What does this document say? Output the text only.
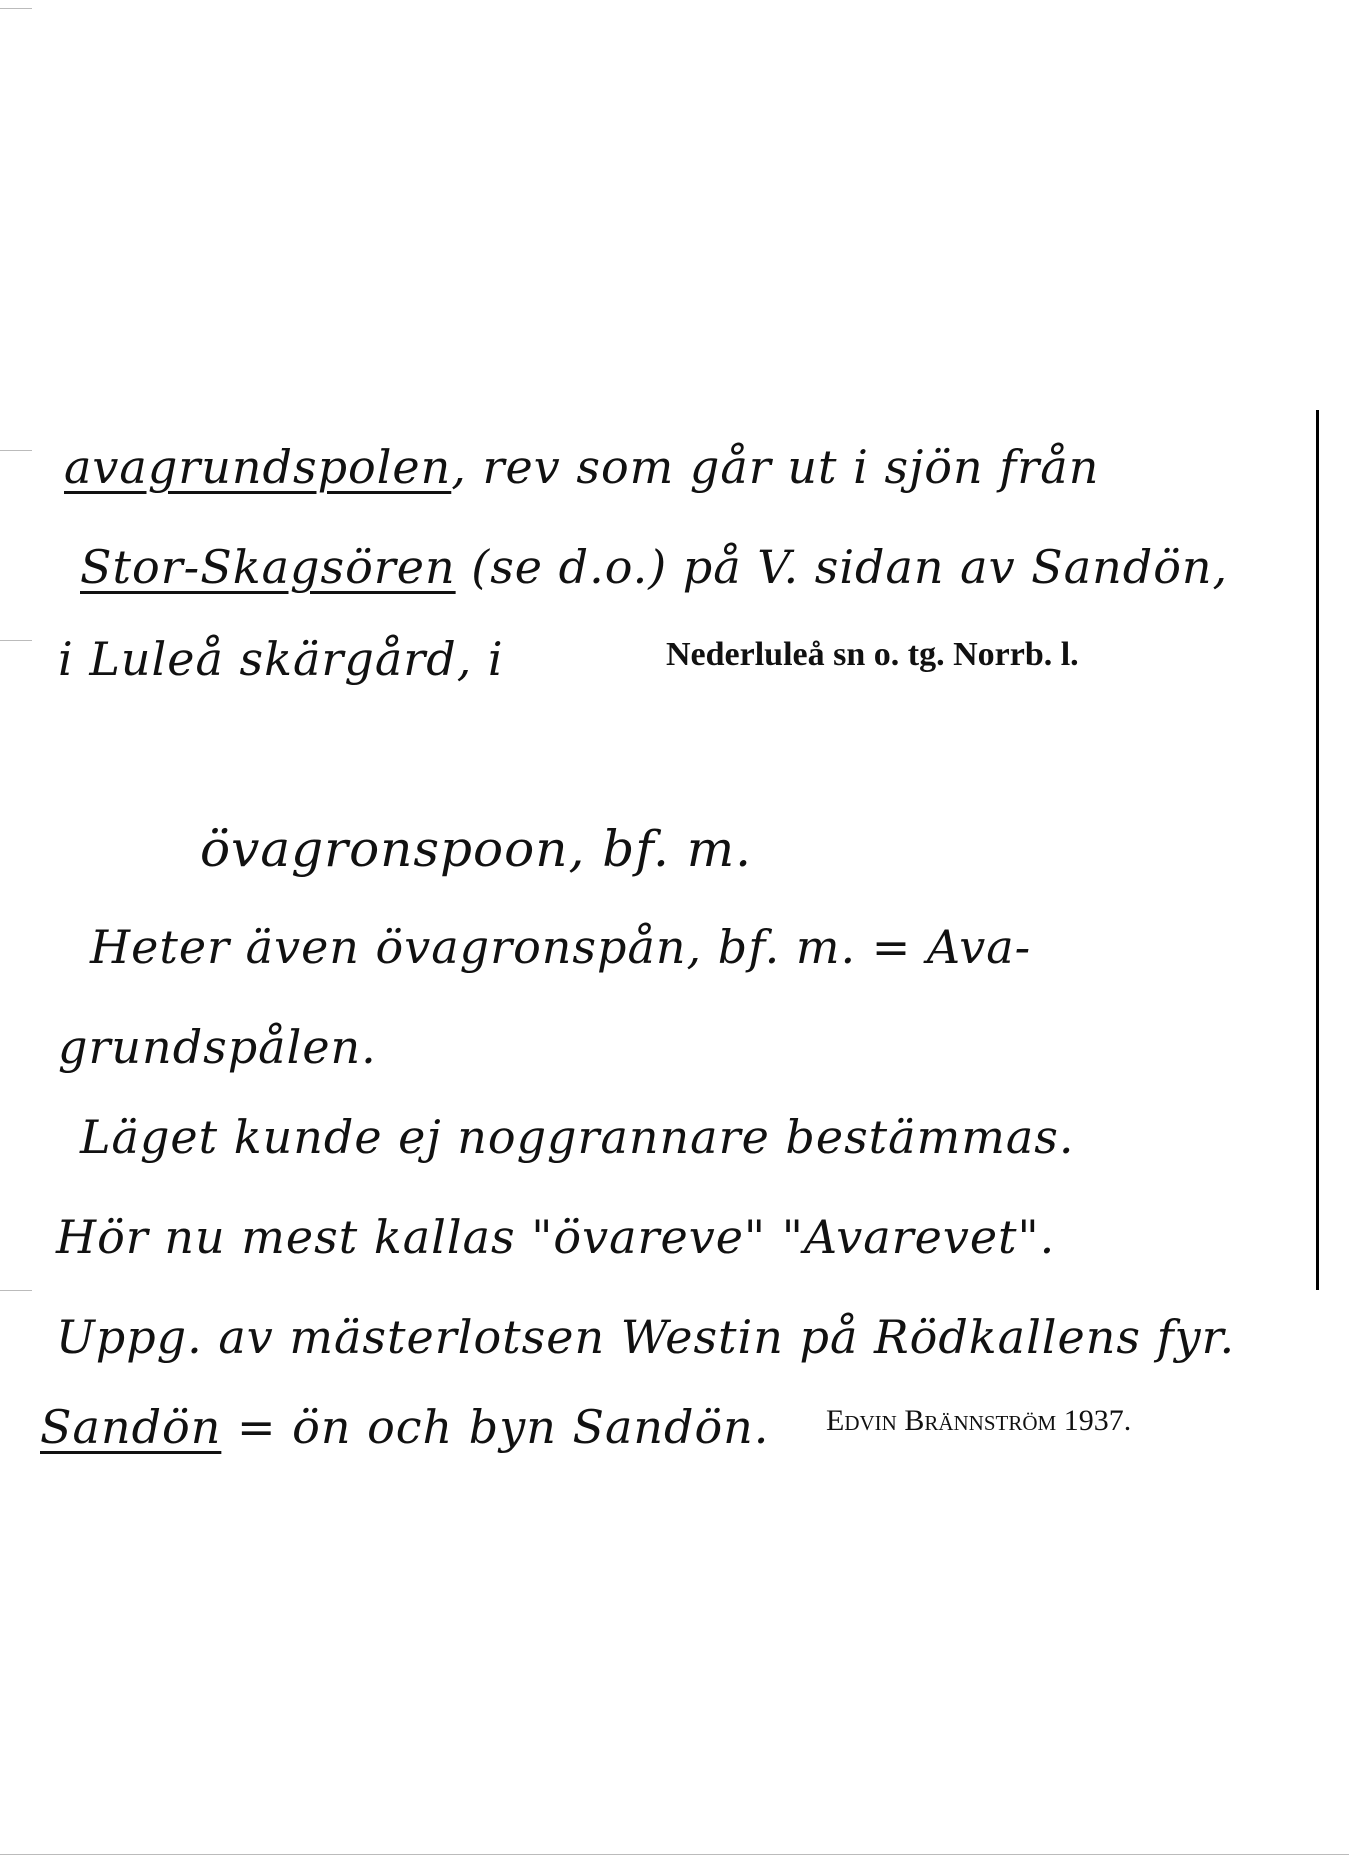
avagrundspolen, rev som går ut i sjön från
Stor-Skagsören (se d.o.) på V. sidan av Sandön,
i Luleå skärgård, i	Nederluleå sn o. tg. Norrb. l.
övagronspoon, bf. m.
Heter även övagronspån, bf. m. = Ava-
grundspålen.
Läget kunde ej noggrannare bestämmas.
Hör nu mest kallas "övareve" "Avarevet".
Uppg. av mästerlotsen Westin på Rödkallens fyr.
Sandön = ön och byn Sandön. Edvin Brännström 1937.
